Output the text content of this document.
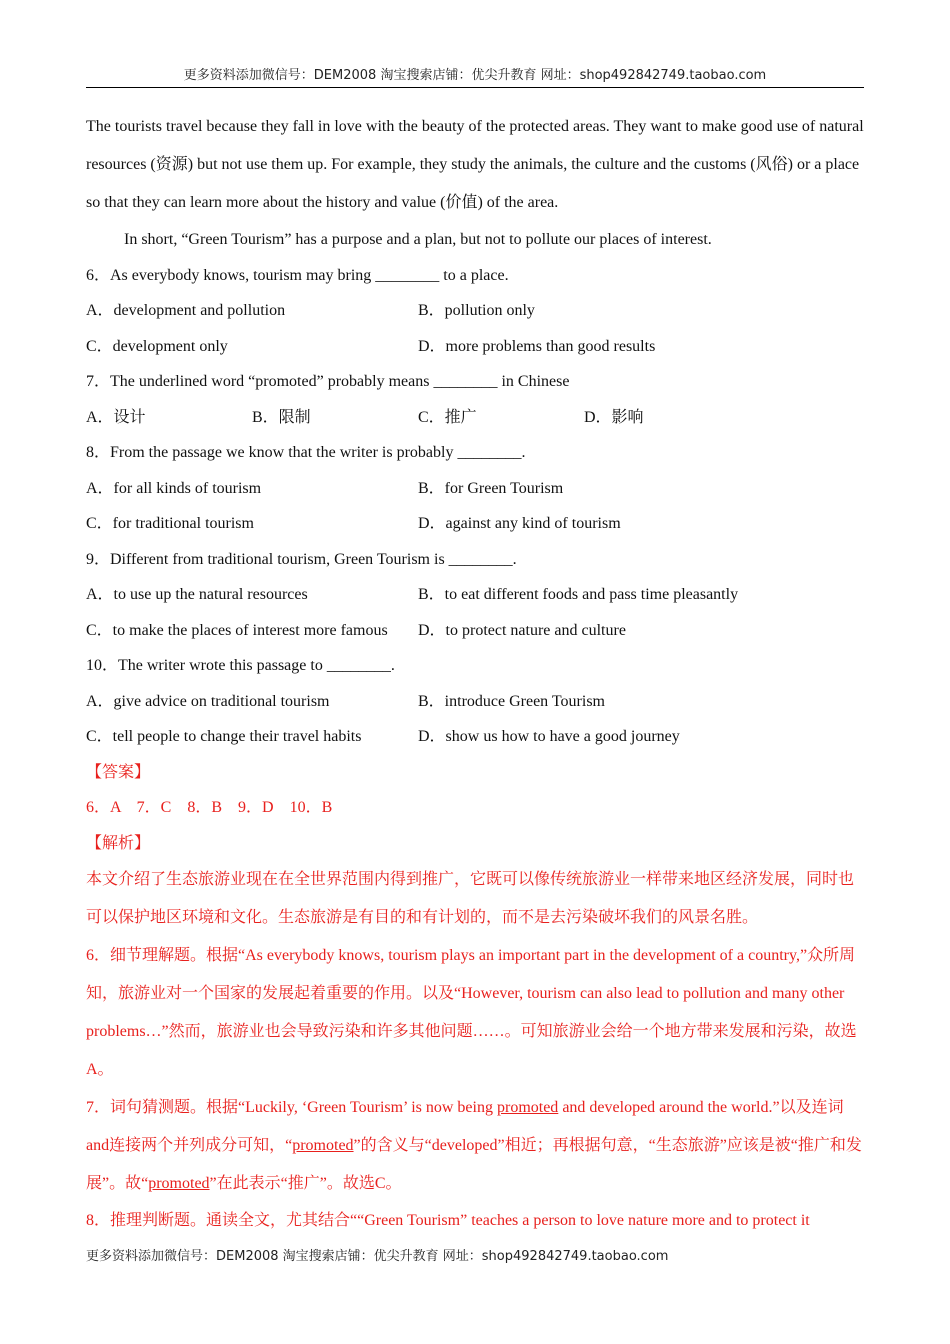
更多资料添加微信号：DEM2008 淘宝搜索店铺：优尖升教育 网址：shop492842749.taobao.com

The tourists travel because they fall in love with the beauty of the protected areas. They want to make good use of natural resources (资源) but not use them up. For example, they study the animals, the culture and the customs (风俗) or a place so that they can learn more about the history and value (价值) of the area.

In short, “Green Tourism” has a purpose and a plan, but not to pollute our places of interest.

6．As everybody knows, tourism may bring ________ to a place.

A．development and pollution	B．pollution only
C．development only	D．more problems than good results

7．The underlined word “promoted” probably means ________ in Chinese

A．设计	B．限制	C．推广	D．影响

8．From the passage we know that the writer is probably ________.

A．for all kinds of tourism	B．for Green Tourism
C．for traditional tourism	D．against any kind of tourism

9．Different from traditional tourism, Green Tourism is ________.

A．to use up the natural resources	B．to eat different foods and pass time pleasantly
C．to make the places of interest more famous	D．to protect nature and culture

10．The writer wrote this passage to ________.

A．give advice on traditional tourism	B．introduce Green Tourism
C．tell people to change their travel habits	D．show us how to have a good journey

【答案】

6．A　7．C　8．B　9．D　10．B

【解析】

本文介绍了生态旅游业现在在全世界范围内得到推广，它既可以像传统旅游业一样带来地区经济发展，同时也可以保护地区环境和文化。生态旅游是有目的和有计划的，而不是去污染破坏我们的风景名胜。

6．细节理解题。根据“As everybody knows, tourism plays an important part in the development of a country,”众所周知，旅游业对一个国家的发展起着重要的作用。以及“However, tourism can also lead to pollution and many other problems…”然而，旅游业也会导致污染和许多其他问题……。可知旅游业会给一个地方带来发展和污染，故选A。

7．词句猜测题。根据“Luckily, ‘Green Tourism’ is now being promoted and developed around the world.”以及连词and连接两个并列成分可知，“promoted”的含义与“developed”相近；再根据句意，“生态旅游”应该是被“推广和发展”。故“promoted”在此表示“推广”。故选C。

8．推理判断题。通读全文，尤其结合““Green Tourism” teaches a person to love nature more and to protect it

更多资料添加微信号：DEM2008 淘宝搜索店铺：优尖升教育 网址：shop492842749.taobao.com
